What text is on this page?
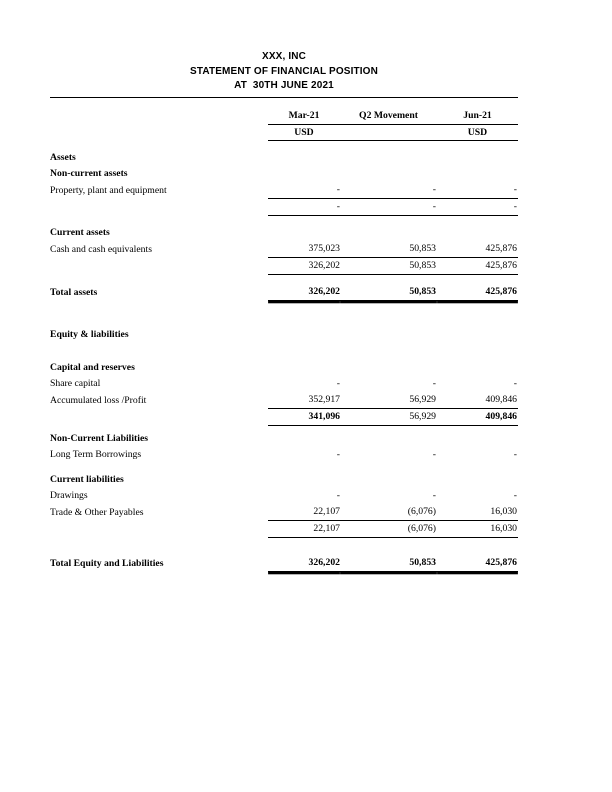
XXX, INC
STATEMENT OF FINANCIAL POSITION
AT  30TH JUNE 2021
	Mar-21	Q2 Movement	Jun-21
	USD		USD

Assets			
Non-current assets			
Property, plant and equipment	-	-	-
	-	-	-

Current assets			
Cash and cash equivalents	375,023	50,853	425,876
	326,202	50,853	425,876

Total assets	326,202	50,853	425,876

Equity & liabilities			

Capital and reserves			
Share capital	-	-	-
Accumulated loss /Profit	352,917	56,929	409,846
	341,096	56,929	409,846

Non-Current Liabilities			
Long Term Borrowings	-	-	-

Current liabilities			
Drawings	-	-	-
Trade & Other Payables	22,107	(6,076)	16,030
	22,107	(6,076)	16,030

Total Equity and Liabilities	326,202	50,853	425,876
